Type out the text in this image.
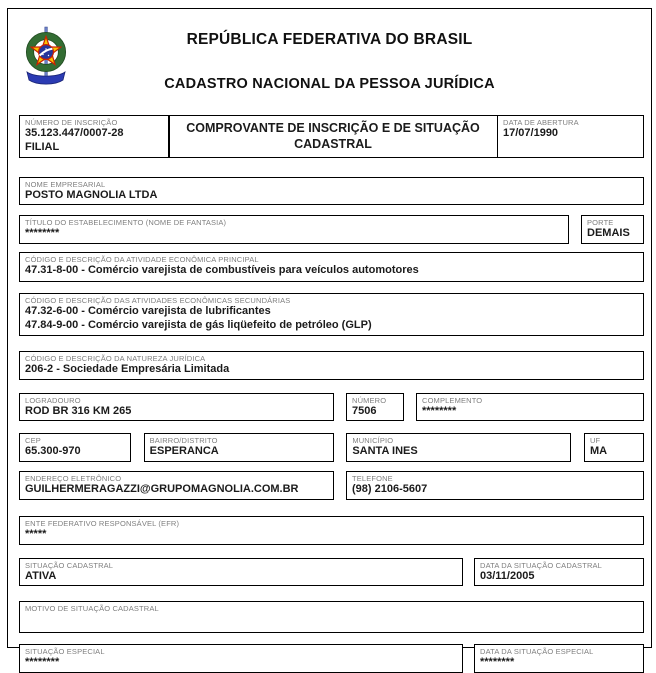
REPÚBLICA FEDERATIVA DO BRASIL
CADASTRO NACIONAL DA PESSOA JURÍDICA
NÚMERO DE INSCRIÇÃO
35.123.447/0007-28
FILIAL
COMPROVANTE DE INSCRIÇÃO E DE SITUAÇÃO CADASTRAL
DATA DE ABERTURA
17/07/1990
NOME EMPRESARIAL
POSTO MAGNOLIA LTDA
TÍTULO DO ESTABELECIMENTO (NOME DE FANTASIA)
********
PORTE
DEMAIS
CÓDIGO E DESCRIÇÃO DA ATIVIDADE ECONÔMICA PRINCIPAL
47.31-8-00 - Comércio varejista de combustíveis para veículos automotores
CÓDIGO E DESCRIÇÃO DAS ATIVIDADES ECONÔMICAS SECUNDÁRIAS
47.32-6-00 - Comércio varejista de lubrificantes
47.84-9-00 - Comércio varejista de gás liqüefeito de petróleo (GLP)
CÓDIGO E DESCRIÇÃO DA NATUREZA JURÍDICA
206-2 - Sociedade Empresária Limitada
LOGRADOURO
ROD BR 316 KM 265
NÚMERO
7506
COMPLEMENTO
********
CEP
65.300-970
BAIRRO/DISTRITO
ESPERANCA
MUNICÍPIO
SANTA INES
UF
MA
ENDEREÇO ELETRÔNICO
GUILHERMERAGAZZI@GRUPOMAGNOLIA.COM.BR
TELEFONE
(98) 2106-5607
ENTE FEDERATIVO RESPONSÁVEL (EFR)
*****
SITUAÇÃO CADASTRAL
ATIVA
DATA DA SITUAÇÃO CADASTRAL
03/11/2005
MOTIVO DE SITUAÇÃO CADASTRAL
SITUAÇÃO ESPECIAL
********
DATA DA SITUAÇÃO ESPECIAL
********
